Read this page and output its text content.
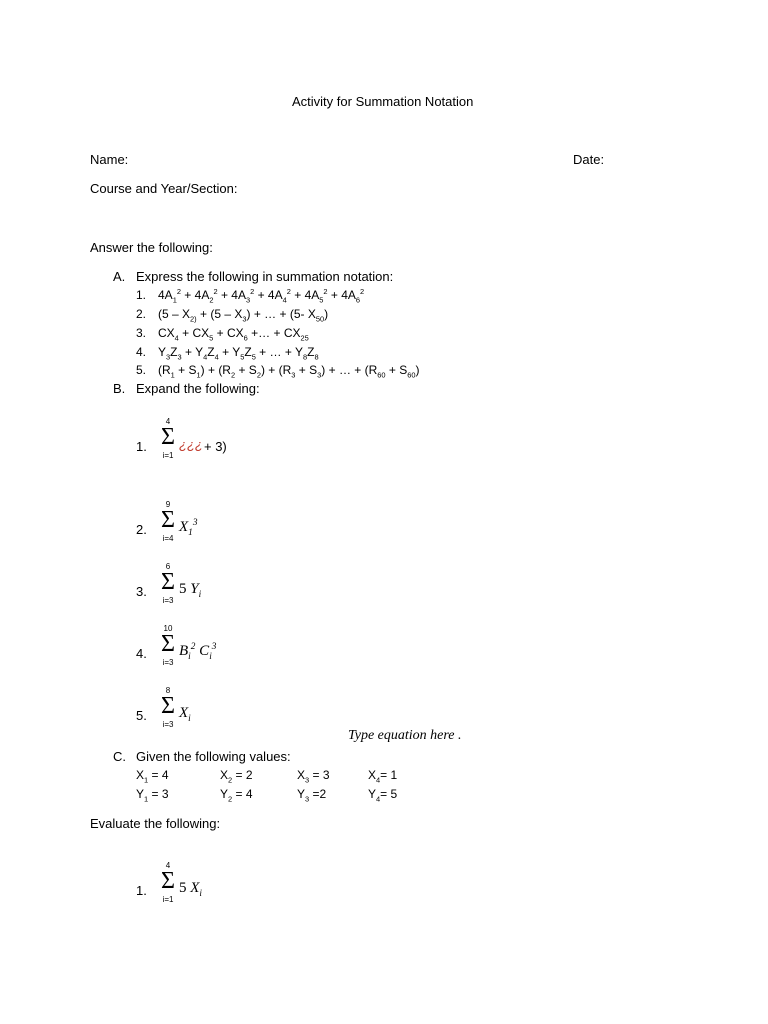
Activity for Summation Notation
Name:	Date:
Course and Year/Section:
Answer the following:
A. Express the following in summation notation:
1. $4A_1^2 + 4A_2^2 + 4A_3^2 + 4A_4^2 + 4A_5^2 + 4A_6^2$
2. ($5 - X_{2)} + (5 - X_3)$ + … + (5- $X_{50}$)
3. $CX_4 + CX_5 + CX_6$ +… + $CX_{25}$
4. $Y_3Z_3 + Y_4Z_4 + Y_5Z_5$ + … + $Y_8Z_8$
5. $(R_1 + S_1) + (R_2 + S_2) + (R_3 + S_3)$ + … + $(R_{60} + S_{60})$
B. Expand the following:
1.
4
Σ
i=1
¿¿¿ + 3)
2.
9
Σ
i=4
$X_1^3$
3.
6
Σ
i=3
5 $Y_i$
4.
10
Σ
i=3
$B_i^2$ $C_i^3$
5.
8
Σ
i=3
$X_i$
Type equation here .
C. Given the following values:
$X_1 = 4$	$X_2 = 2$	$X_3 = 3$	$X_4= 1$
$Y_1 = 3$	$Y_2 = 4$	$Y_3 =2$	$Y_4= 5$
Evaluate the following:
1.
4
Σ
i=1
5 $X_i$
